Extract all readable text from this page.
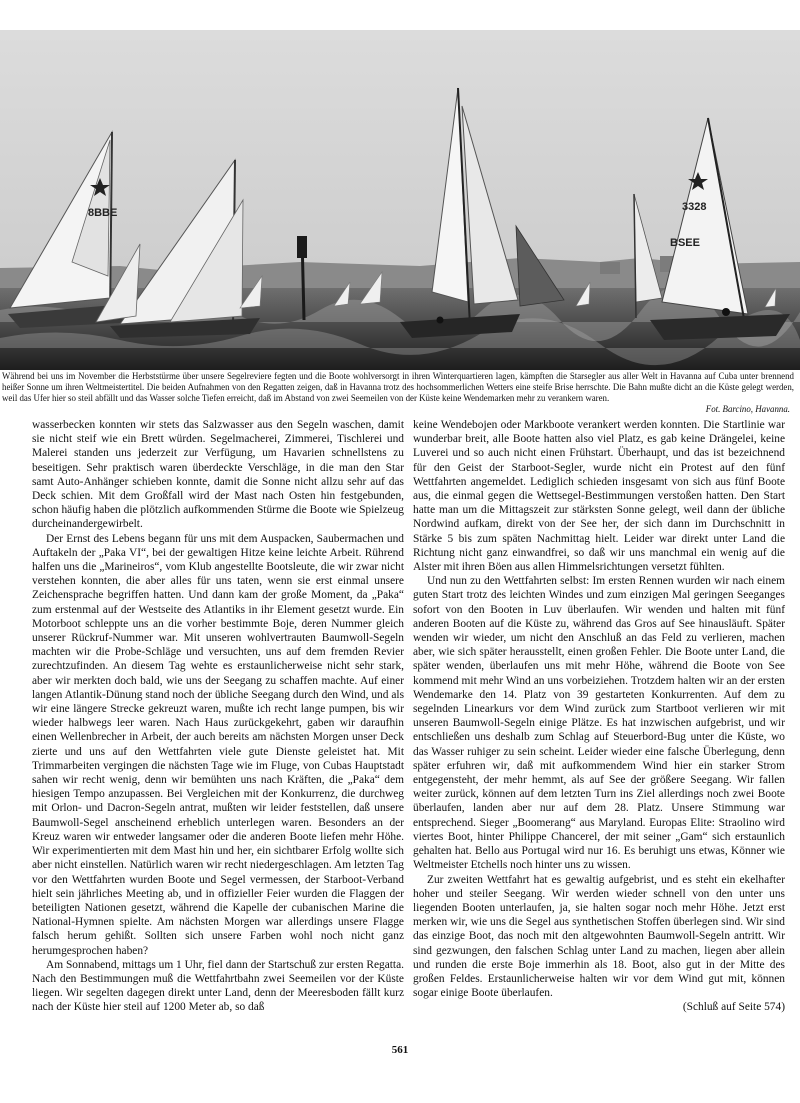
8BBE	3328
BSEE

Während bei uns im November die Herbststürme über unsere Segelreviere fegten und die Boote wohlversorgt in ihren Winterquartieren lagen, kämpften die Starsegler aus aller Welt in Havanna auf Cuba unter brennend heißer Sonne um ihren Weltmeistertitel. Die beiden Aufnahmen von den Regatten zeigen, daß in Havanna trotz des hochsommerlichen Wetters eine steife Brise herrschte. Die Bahn mußte dicht an die Küste gelegt werden, weil das Ufer hier so steil abfällt und das Wasser solche Tiefen erreicht, daß im Abstand von zwei Seemeilen von der Küste keine Wendemarken mehr zu verankern waren.

Fot. Barcino, Havanna.

wasserbecken konnten wir stets das Salzwasser aus den Segeln waschen, damit sie nicht steif wie ein Brett würden. Segelmacherei, Zimmerei, Tischlerei und Malerei standen uns jederzeit zur Verfügung, um Havarien schnellstens zu beseitigen. Sehr praktisch waren überdeckte Verschläge, in die man den Star samt Auto-Anhänger schieben konnte, damit die Sonne nicht allzu sehr auf das Deck schien. Mit dem Großfall wird der Mast nach Osten hin festgebunden, schon häufig haben die plötzlich aufkommenden Stürme die Boote wie Spielzeug durcheinandergewirbelt.

Der Ernst des Lebens begann für uns mit dem Auspacken, Saubermachen und Auftakeln der „Paka VI“, bei der gewaltigen Hitze keine leichte Arbeit. Rührend halfen uns die „Marineiros“, vom Klub angestellte Bootsleute, die wir zwar nicht verstehen konnten, die aber alles für uns taten, wenn sie erst einmal unsere Zeichensprache begriffen hatten. Und dann kam der große Moment, da „Paka“ zum erstenmal auf der Westseite des Atlantiks in ihr Element gesetzt wurde. Ein Motorboot schleppte uns an die vorher bestimmte Boje, deren Nummer gleich unserer Rückruf-Nummer war. Mit unseren wohlvertrauten Baumwoll-Segeln machten wir die Probe-Schläge und versuchten, uns auf dem fremden Revier zurechtzufinden. An diesem Tag wehte es erstaunlicherweise nicht sehr stark, aber wir merkten doch bald, wie uns der Seegang zu schaffen machte. Auf einer langen Atlantik-Dünung stand noch der übliche Seegang durch den Wind, und als wir eine längere Strecke gekreuzt waren, mußte ich recht lange pumpen, bis wir wieder halbwegs leer waren. Nach Haus zurückgekehrt, gaben wir daraufhin einen Wellenbrecher in Arbeit, der auch bereits am nächsten Morgen unser Deck zierte und uns auf den Wettfahrten viele gute Dienste geleistet hat. Mit Trimmarbeiten vergingen die nächsten Tage wie im Fluge, von Cubas Hauptstadt sahen wir recht wenig, denn wir bemühten uns nach Kräften, die „Paka“ dem hiesigen Tempo anzupassen. Bei Vergleichen mit der Konkurrenz, die durchweg mit Orlon- und Dacron-Segeln antrat, mußten wir leider feststellen, daß unsere Baumwoll-Segel anscheinend erheblich unterlegen waren. Besonders an der Kreuz waren wir entweder langsamer oder die anderen Boote liefen mehr Höhe. Wir experimentierten mit dem Mast hin und her, ein sichtbarer Erfolg wollte sich aber nicht einstellen. Natürlich waren wir recht niedergeschlagen. Am letzten Tag vor den Wettfahrten wurden Boote und Segel vermessen, der Starboot-Verband hielt sein jährliches Meeting ab, und in offizieller Feier wurden die Flaggen der beteiligten Nationen gesetzt, während die Kapelle der cubanischen Marine die National-Hymnen spielte. Am nächsten Morgen war allerdings unsere Flagge falsch herum gehißt. Sollten sich unsere Farben wohl noch nicht ganz herumgesprochen haben?

Am Sonnabend, mittags um 1 Uhr, fiel dann der Startschuß zur ersten Regatta. Nach den Bestimmungen muß die Wettfahrtbahn zwei Seemeilen vor der Küste liegen. Wir segelten dagegen direkt unter Land, denn der Meeresboden fällt kurz nach der Küste hier steil auf 1200 Meter ab, so daß

keine Wendebojen oder Markboote verankert werden konnten. Die Startlinie war wunderbar breit, alle Boote hatten also viel Platz, es gab keine Drängelei, keine Luverei und so auch nicht einen Frühstart. Überhaupt, und das ist bezeichnend für den Geist der Starboot-Segler, wurde nicht ein Protest auf den fünf Wettfahrten angemeldet. Lediglich schieden insgesamt von sich aus fünf Boote aus, die einmal gegen die Wettsegel-Bestimmungen verstoßen hatten. Den Start hatte man um die Mittagszeit zur stärksten Sonne gelegt, weil dann der übliche Nordwind aufkam, direkt von der See her, der sich dann im Durchschnitt in Stärke 5 bis zum späten Nachmittag hielt. Leider war direkt unter Land die Richtung nicht ganz einwandfrei, so daß wir uns manchmal ein wenig auf die Alster mit ihren Böen aus allen Himmelsrichtungen versetzt fühlten.

Und nun zu den Wettfahrten selbst: Im ersten Rennen wurden wir nach einem guten Start trotz des leichten Windes und zum einzigen Mal geringen Seeganges sofort von den Booten in Luv überlaufen. Wir wenden und halten mit fünf anderen Booten auf die Küste zu, während das Gros auf See hinausläuft. Später wenden wir wieder, um nicht den Anschluß an das Feld zu verlieren, machen aber, wie sich später herausstellt, einen großen Fehler. Die Boote unter Land, die später wenden, überlaufen uns mit mehr Höhe, während die Boote von See kommend mit mehr Wind an uns vorbeiziehen. Trotzdem halten wir an der ersten Wendemarke den 14. Platz von 39 gestarteten Konkurrenten. Auf dem zu segelnden Linearkurs vor dem Wind zurück zum Startboot verlieren wir mit unseren Baumwoll-Segeln einige Plätze. Es hat inzwischen aufgebrist, und wir entschließen uns deshalb zum Schlag auf Steuerbord-Bug unter die Küste, wo das Wasser ruhiger zu sein scheint. Leider wieder eine falsche Überlegung, denn später erfuhren wir, daß mit aufkommendem Wind hier ein starker Strom entgegensteht, der mehr hemmt, als auf See der größere Seegang. Wir fallen weiter zurück, können auf dem letzten Turn ins Ziel allerdings noch zwei Boote überlaufen, landen aber nur auf dem 28. Platz. Unsere Stimmung war entsprechend. Sieger „Boomerang“ aus Maryland. Europas Elite: Straolino wird viertes Boot, hinter Philippe Chancerel, der mit seiner „Gam“ sich erstaunlich gehalten hat. Bello aus Portugal wird nur 16. Es beruhigt uns etwas, Könner wie Weltmeister Etchells noch hinter uns zu wissen.

Zur zweiten Wettfahrt hat es gewaltig aufgebrist, und es steht ein ekelhafter hoher und steiler Seegang. Wir werden wieder schnell von den unter uns liegenden Booten unterlaufen, ja, sie halten sogar noch mehr Höhe. Jetzt erst merken wir, wie uns die Segel aus synthetischen Stoffen überlegen sind. Wir sind das einzige Boot, das noch mit den altgewohnten Baumwoll-Segeln antritt. Wir sind gezwungen, den falschen Schlag unter Land zu machen, liegen aber allein und runden die erste Boje immerhin als 18. Boot, also gut in der Mitte des großen Feldes. Erstaunlicherweise halten wir vor dem Wind gut mit, können sogar einige Boote überlaufen.

(Schluß auf Seite 574)

561
